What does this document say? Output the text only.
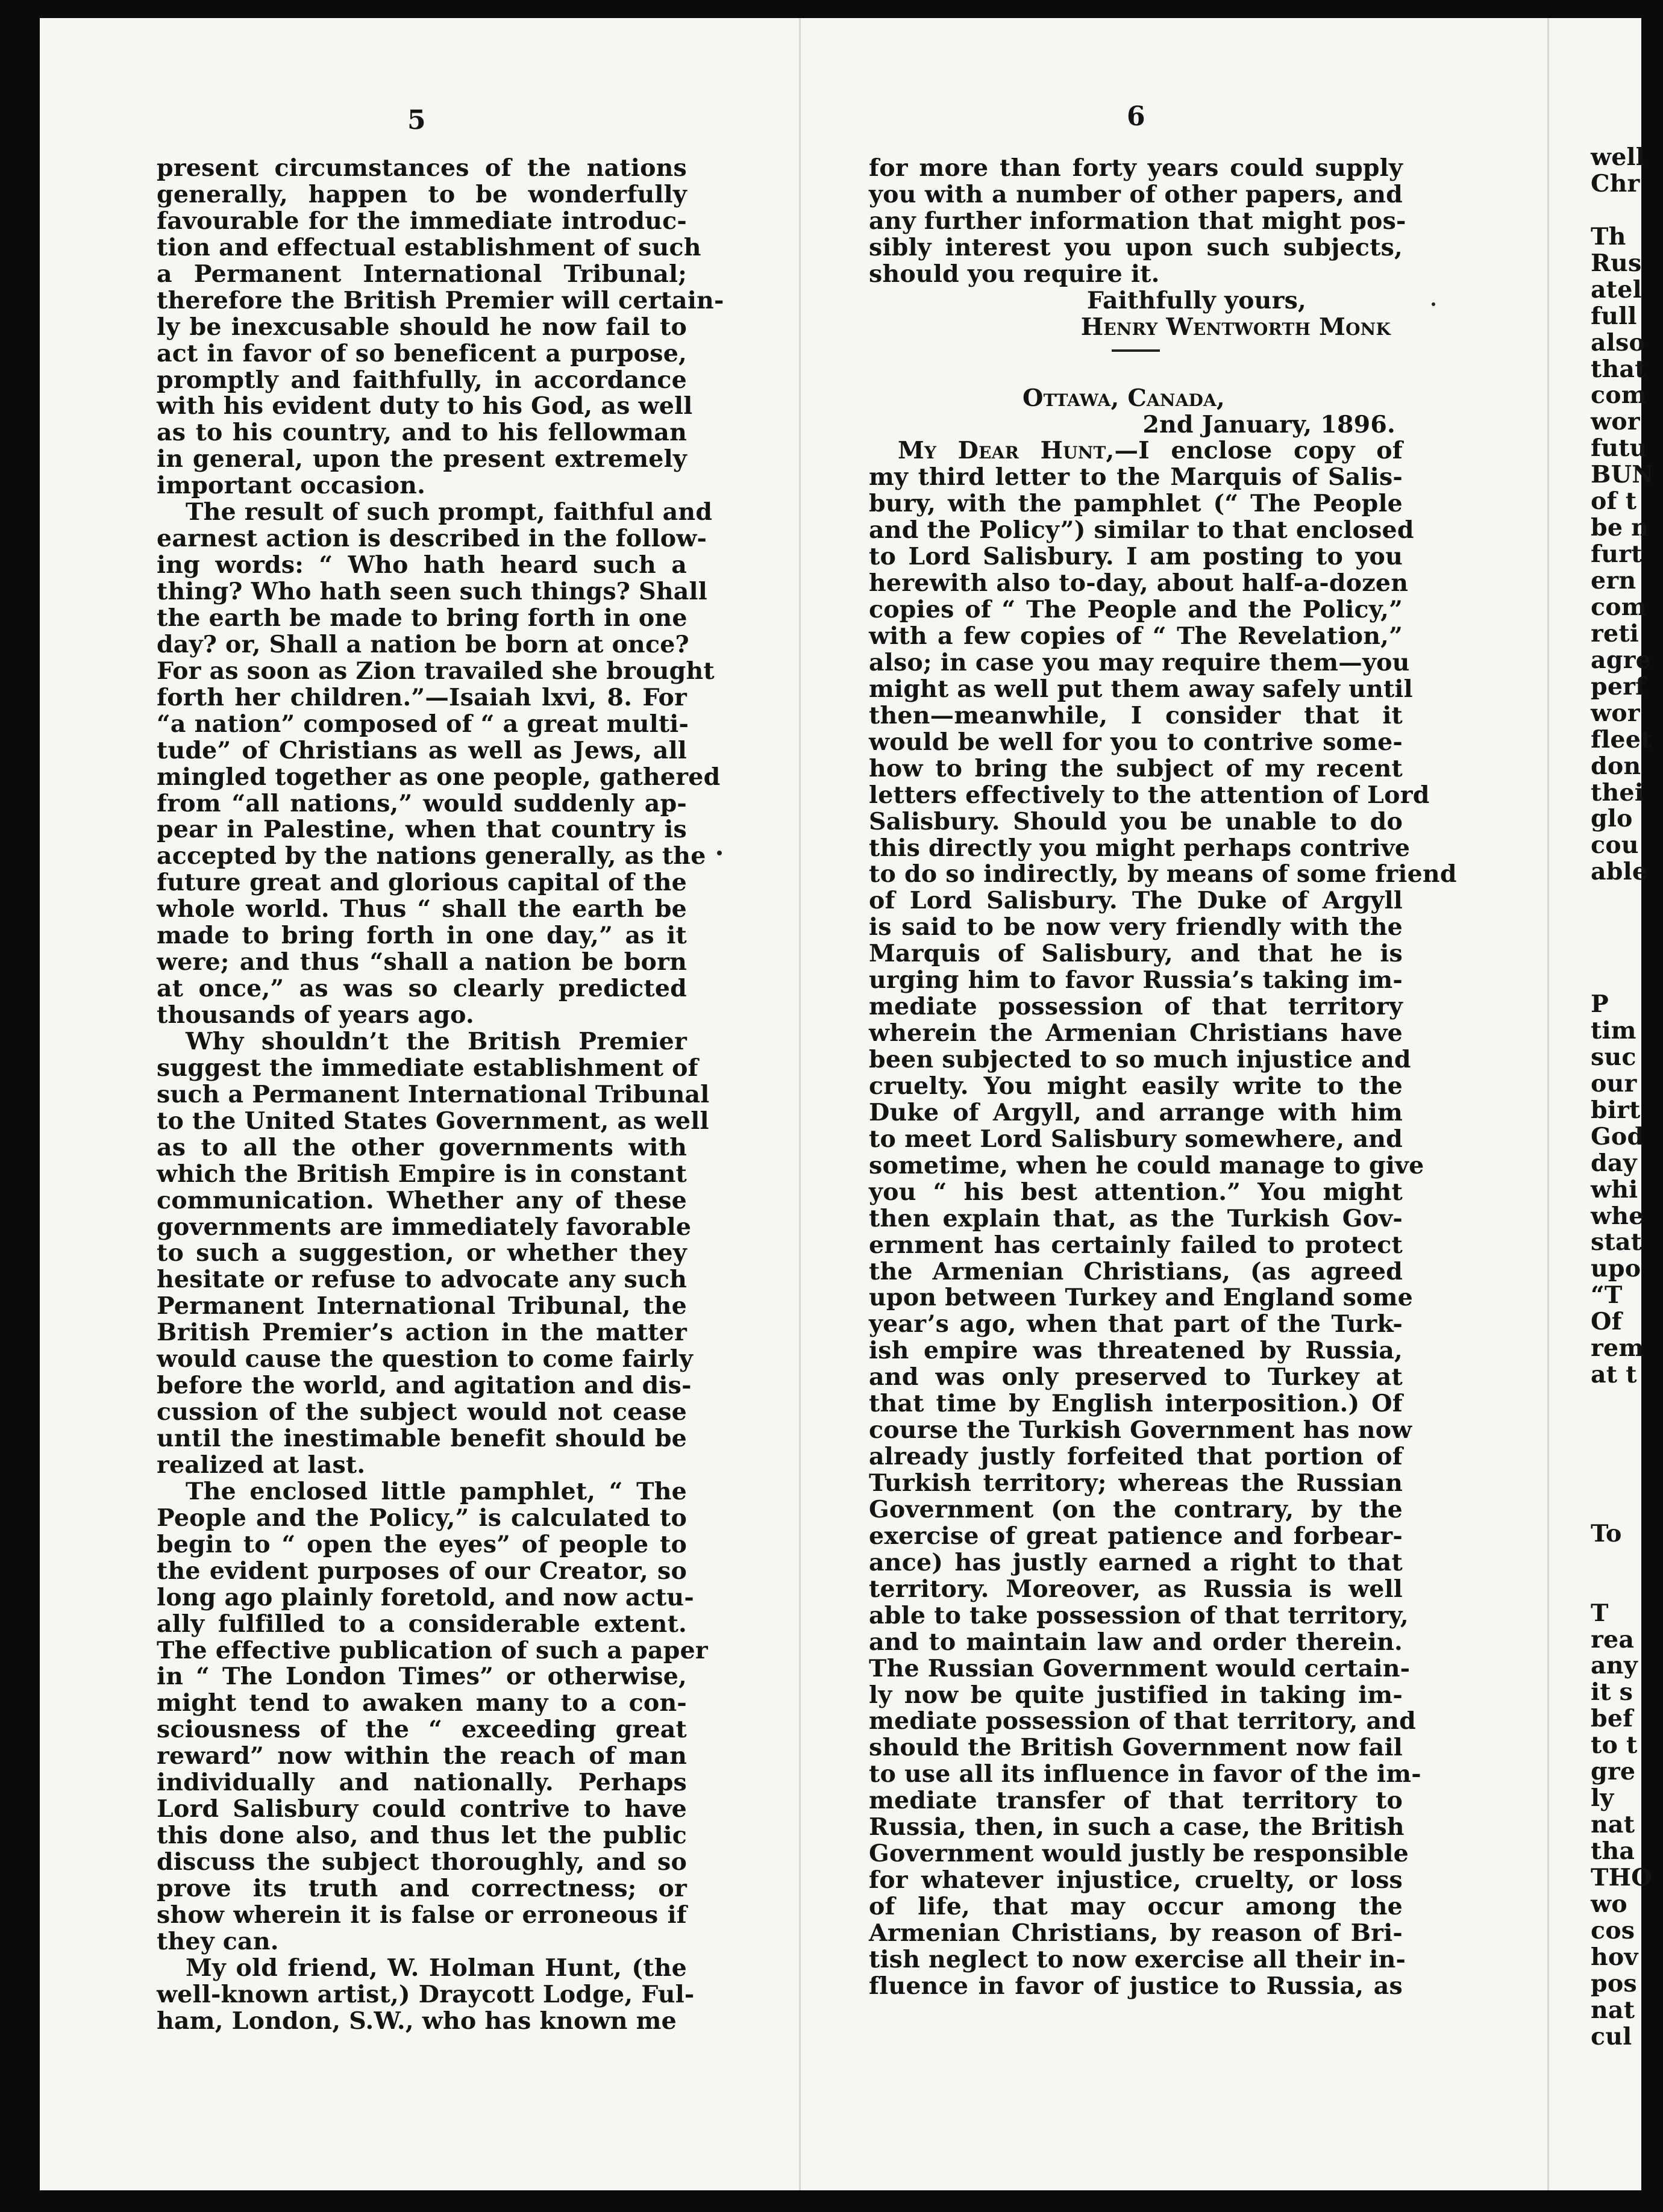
5	6
present circumstances of the nations
generally, happen to be wonderfully
favourable for the immediate introduc-
tion and effectual establishment of such
a Permanent International Tribunal;
therefore the British Premier will certain-
ly be inexcusable should he now fail to
act in favor of so beneficent a purpose,
promptly and faithfully, in accordance
with his evident duty to his God, as well
as to his country, and to his fellowman
in general, upon the present extremely
important occasion.
The result of such prompt, faithful and
earnest action is described in the follow-
ing words: “ Who hath heard such a
thing? Who hath seen such things? Shall
the earth be made to bring forth in one
day? or, Shall a nation be born at once?
For as soon as Zion travailed she brought
forth her children.”—Isaiah lxvi, 8. For
“a nation” composed of “ a great multi-
tude” of Christians as well as Jews, all
mingled together as one people, gathered
from “all nations,” would suddenly ap-
pear in Palestine, when that country is
accepted by the nations generally, as the
future great and glorious capital of the
whole world. Thus “ shall the earth be
made to bring forth in one day,” as it
were; and thus “shall a nation be born
at once,” as was so clearly predicted
thousands of years ago.
Why shouldn’t the British Premier
suggest the immediate establishment of
such a Permanent International Tribunal
to the United States Government, as well
as to all the other governments with
which the British Empire is in constant
communication. Whether any of these
governments are immediately favorable
to such a suggestion, or whether they
hesitate or refuse to advocate any such
Permanent International Tribunal, the
British Premier’s action in the matter
would cause the question to come fairly
before the world, and agitation and dis-
cussion of the subject would not cease
until the inestimable benefit should be
realized at last.
The enclosed little pamphlet, “ The
People and the Policy,” is calculated to
begin to “ open the eyes” of people to
the evident purposes of our Creator, so
long ago plainly foretold, and now actu-
ally fulfilled to a considerable extent.
The effective publication of such a paper
in “ The London Times” or otherwise,
might tend to awaken many to a con-
sciousness of the “ exceeding great
reward” now within the reach of man
individually and nationally. Perhaps
Lord Salisbury could contrive to have
this done also, and thus let the public
discuss the subject thoroughly, and so
prove its truth and correctness; or
show wherein it is false or erroneous if
they can.
My old friend, W. Holman Hunt, (the
well-known artist,) Draycott Lodge, Ful-
ham, London, S.W., who has known me
for more than forty years could supply
you with a number of other papers, and
any further information that might pos-
sibly interest you upon such subjects,
should you require it.
Faithfully yours,
Henry Wentworth Monk
Ottawa, Canada,
2nd January, 1896.
My Dear Hunt,—I enclose copy of
my third letter to the Marquis of Salis-
bury, with the pamphlet (“ The People
and the Policy”) similar to that enclosed
to Lord Salisbury. I am posting to you
herewith also to-day, about half-a-dozen
copies of “ The People and the Policy,”
with a few copies of “ The Revelation,”
also; in case you may require them—you
might as well put them away safely until
then—meanwhile, I consider that it
would be well for you to contrive some-
how to bring the subject of my recent
letters effectively to the attention of Lord
Salisbury. Should you be unable to do
this directly you might perhaps contrive
to do so indirectly, by means of some friend
of Lord Salisbury. The Duke of Argyll
is said to be now very friendly with the
Marquis of Salisbury, and that he is
urging him to favor Russia’s taking im-
mediate possession of that territory
wherein the Armenian Christians have
been subjected to so much injustice and
cruelty. You might easily write to the
Duke of Argyll, and arrange with him
to meet Lord Salisbury somewhere, and
sometime, when he could manage to give
you “ his best attention.” You might
then explain that, as the Turkish Gov-
ernment has certainly failed to protect
the Armenian Christians, (as agreed
upon between Turkey and England some
year’s ago, when that part of the Turk-
ish empire was threatened by Russia,
and was only preserved to Turkey at
that time by English interposition.) Of
course the Turkish Government has now
already justly forfeited that portion of
Turkish territory; whereas the Russian
Government (on the contrary, by the
exercise of great patience and forbear-
ance) has justly earned a right to that
territory. Moreover, as Russia is well
able to take possession of that territory,
and to maintain law and order therein.
The Russian Government would certain-
ly now be quite justified in taking im-
mediate possession of that territory, and
should the British Government now fail
to use all its influence in favor of the im-
mediate transfer of that territory to
Russia, then, in such a case, the British
Government would justly be responsible
for whatever injustice, cruelty, or loss
of life, that may occur among the
Armenian Christians, by reason of Bri-
tish neglect to now exercise all their in-
fluence in favor of justice to Russia, as
well
Chr
Th
Rus
atel
full
also
that
com
wor
futu
BUN
of t
be n
furt
ern
com
reti
agre
perf
wor
fleet
don
thei
glo
cou
able
P
tim
suc
our
birt
God
day
whi
whe
stat
upo
“T
Of
rem
at t
To
T
rea
any
it s
bef
to t
gre
ly
nat
tha
THO
wo
cos
hov
pos
nat
cul
